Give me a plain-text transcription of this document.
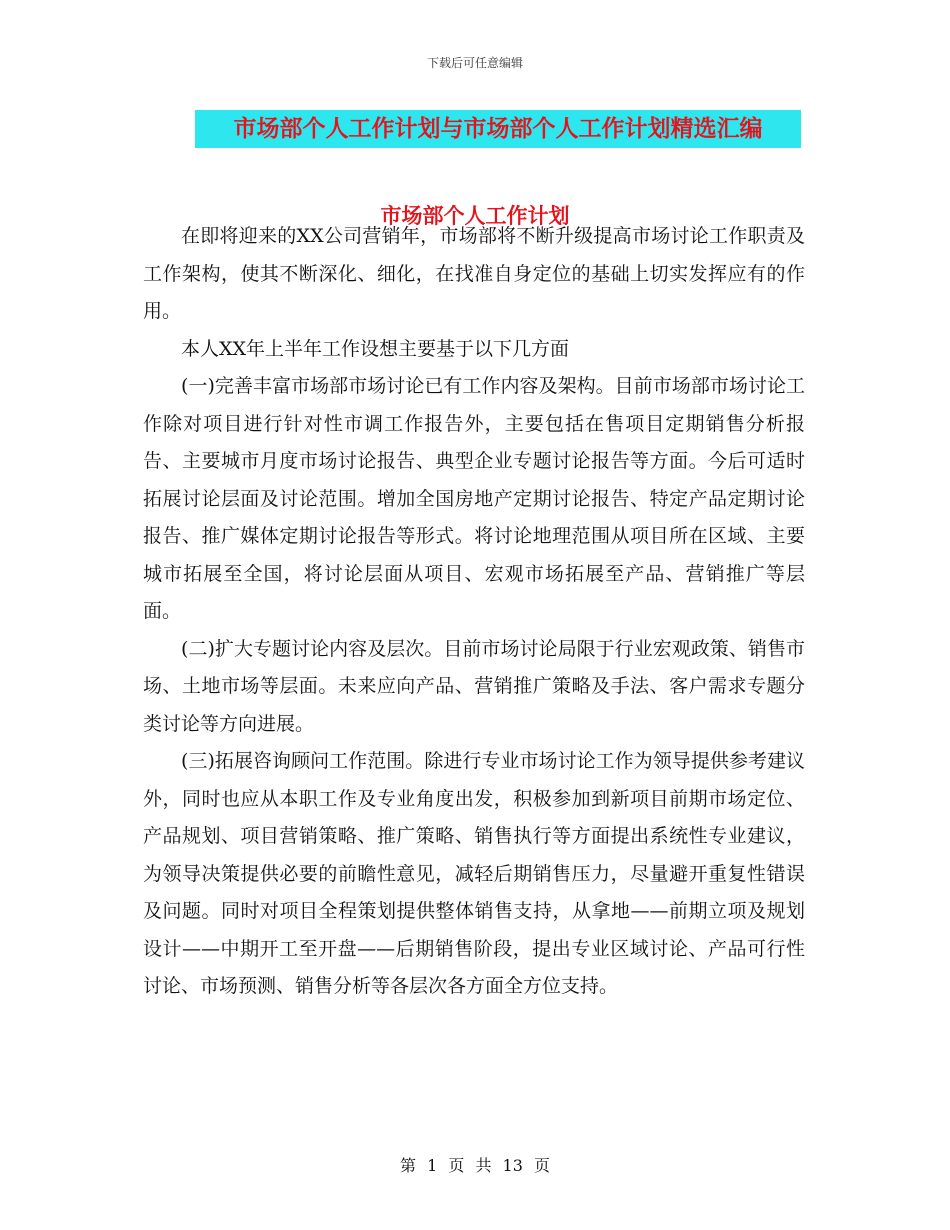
下载后可任意编辑
市场部个人工作计划与市场部个人工作计划精选汇编
市场部个人工作计划

在即将迎来的XX公司营销年，市场部将不断升级提高市场讨论工作职责及工作架构，使其不断深化、细化，在找准自身定位的基础上切实发挥应有的作用。

本人XX年上半年工作设想主要基于以下几方面

(一)完善丰富市场部市场讨论已有工作内容及架构。目前市场部市场讨论工作除对项目进行针对性市调工作报告外，主要包括在售项目定期销售分析报告、主要城市月度市场讨论报告、典型企业专题讨论报告等方面。今后可适时拓展讨论层面及讨论范围。增加全国房地产定期讨论报告、特定产品定期讨论报告、推广媒体定期讨论报告等形式。将讨论地理范围从项目所在区域、主要城市拓展至全国，将讨论层面从项目、宏观市场拓展至产品、营销推广等层面。

(二)扩大专题讨论内容及层次。目前市场讨论局限于行业宏观政策、销售市场、土地市场等层面。未来应向产品、营销推广策略及手法、客户需求专题分类讨论等方向进展。

(三)拓展咨询顾问工作范围。除进行专业市场讨论工作为领导提供参考建议外，同时也应从本职工作及专业角度出发，积极参加到新项目前期市场定位、产品规划、项目营销策略、推广策略、销售执行等方面提出系统性专业建议，为领导决策提供必要的前瞻性意见，减轻后期销售压力，尽量避开重复性错误及问题。同时对项目全程策划提供整体销售支持，从拿地——前期立项及规划设计——中期开工至开盘——后期销售阶段，提出专业区域讨论、产品可行性讨论、市场预测、销售分析等各层次各方面全方位支持。

第 1 页 共 13 页
